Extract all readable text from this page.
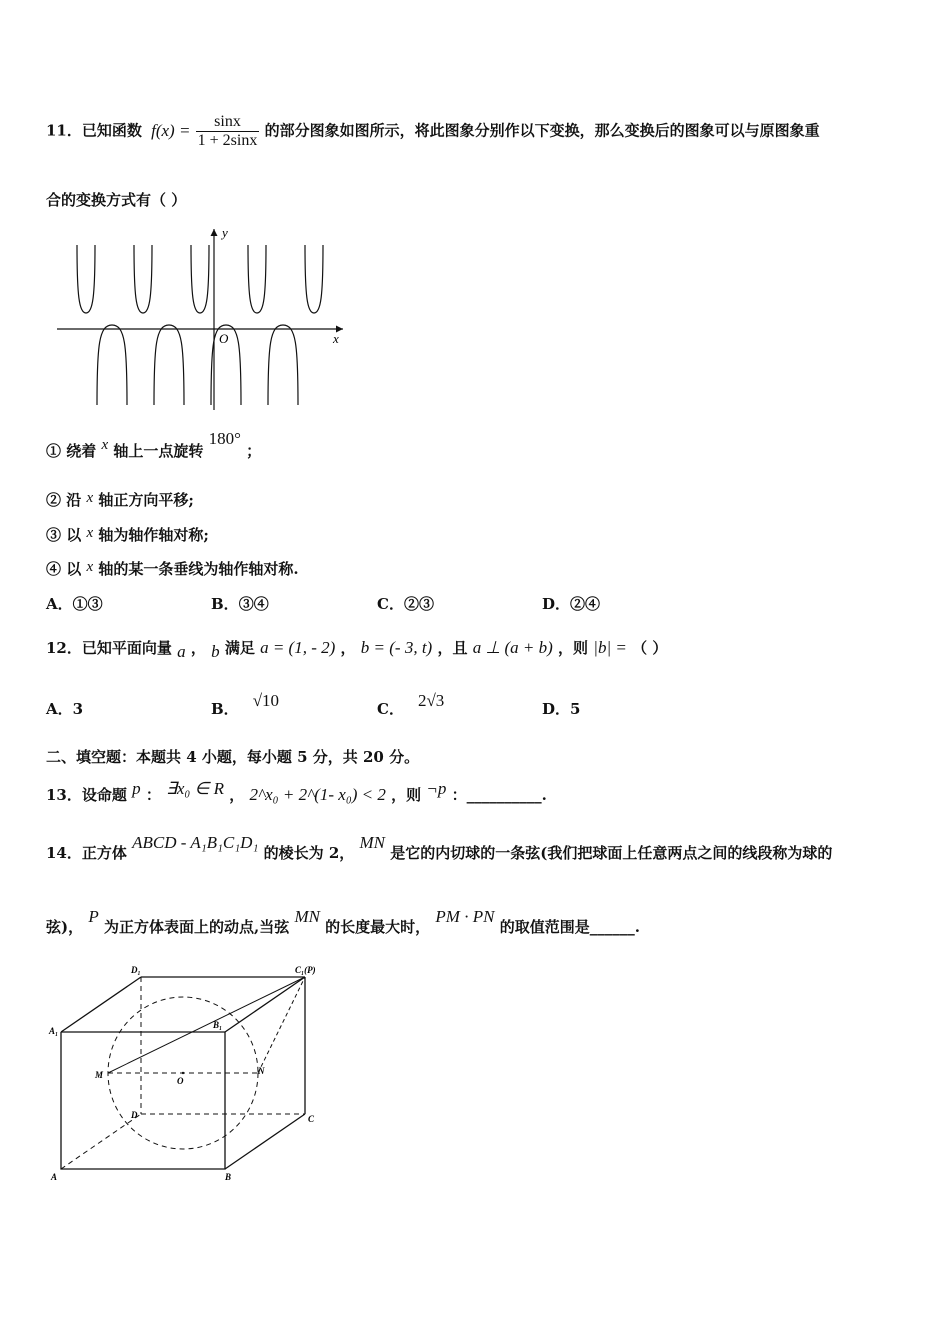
11．已知函数 $f(x) = \frac{\sin x}{1 + 2\sin x}$ 的部分图象如图所示，将此图象分别作以下变换，那么变换后的图象可以与原图象重
合的变换方式有（ ）
y
x
O
① 绕着 x 轴上一点旋转 180° ；
② 沿 x 轴正方向平移;
③ 以 x 轴为轴作轴对称;
④ 以 x 轴的某一条垂线为轴作轴对称.
A．①③	B．③④	C．②③	D．②④
12．已知平面向量 a ， b 满足 a = (1, - 2) ， b = (- 3, t) ，且 a ⊥ (a + b) ，则 |b| = （ ）
A．3	B． √10	C． 2√3	D．5
二、填空题：本题共 4 小题，每小题 5 分，共 20 分。
13．设命题 p ： ∃x₀ ∈ R ， 2^x₀ + 2^(1- x₀) < 2 ，则 ¬p ：__________.
14．正方体 ABCD - A₁B₁C₁D₁ 的棱长为 2， MN 是它的内切球的一条弦(我们把球面上任意两点之间的线段称为球的
弦)， P 为正方体表面上的动点,当弦 MN 的长度最大时， PM · PN 的取值范围是______.
D₁	C₁(P)
A₁
B₁
M	N
O
D	C
A	B
